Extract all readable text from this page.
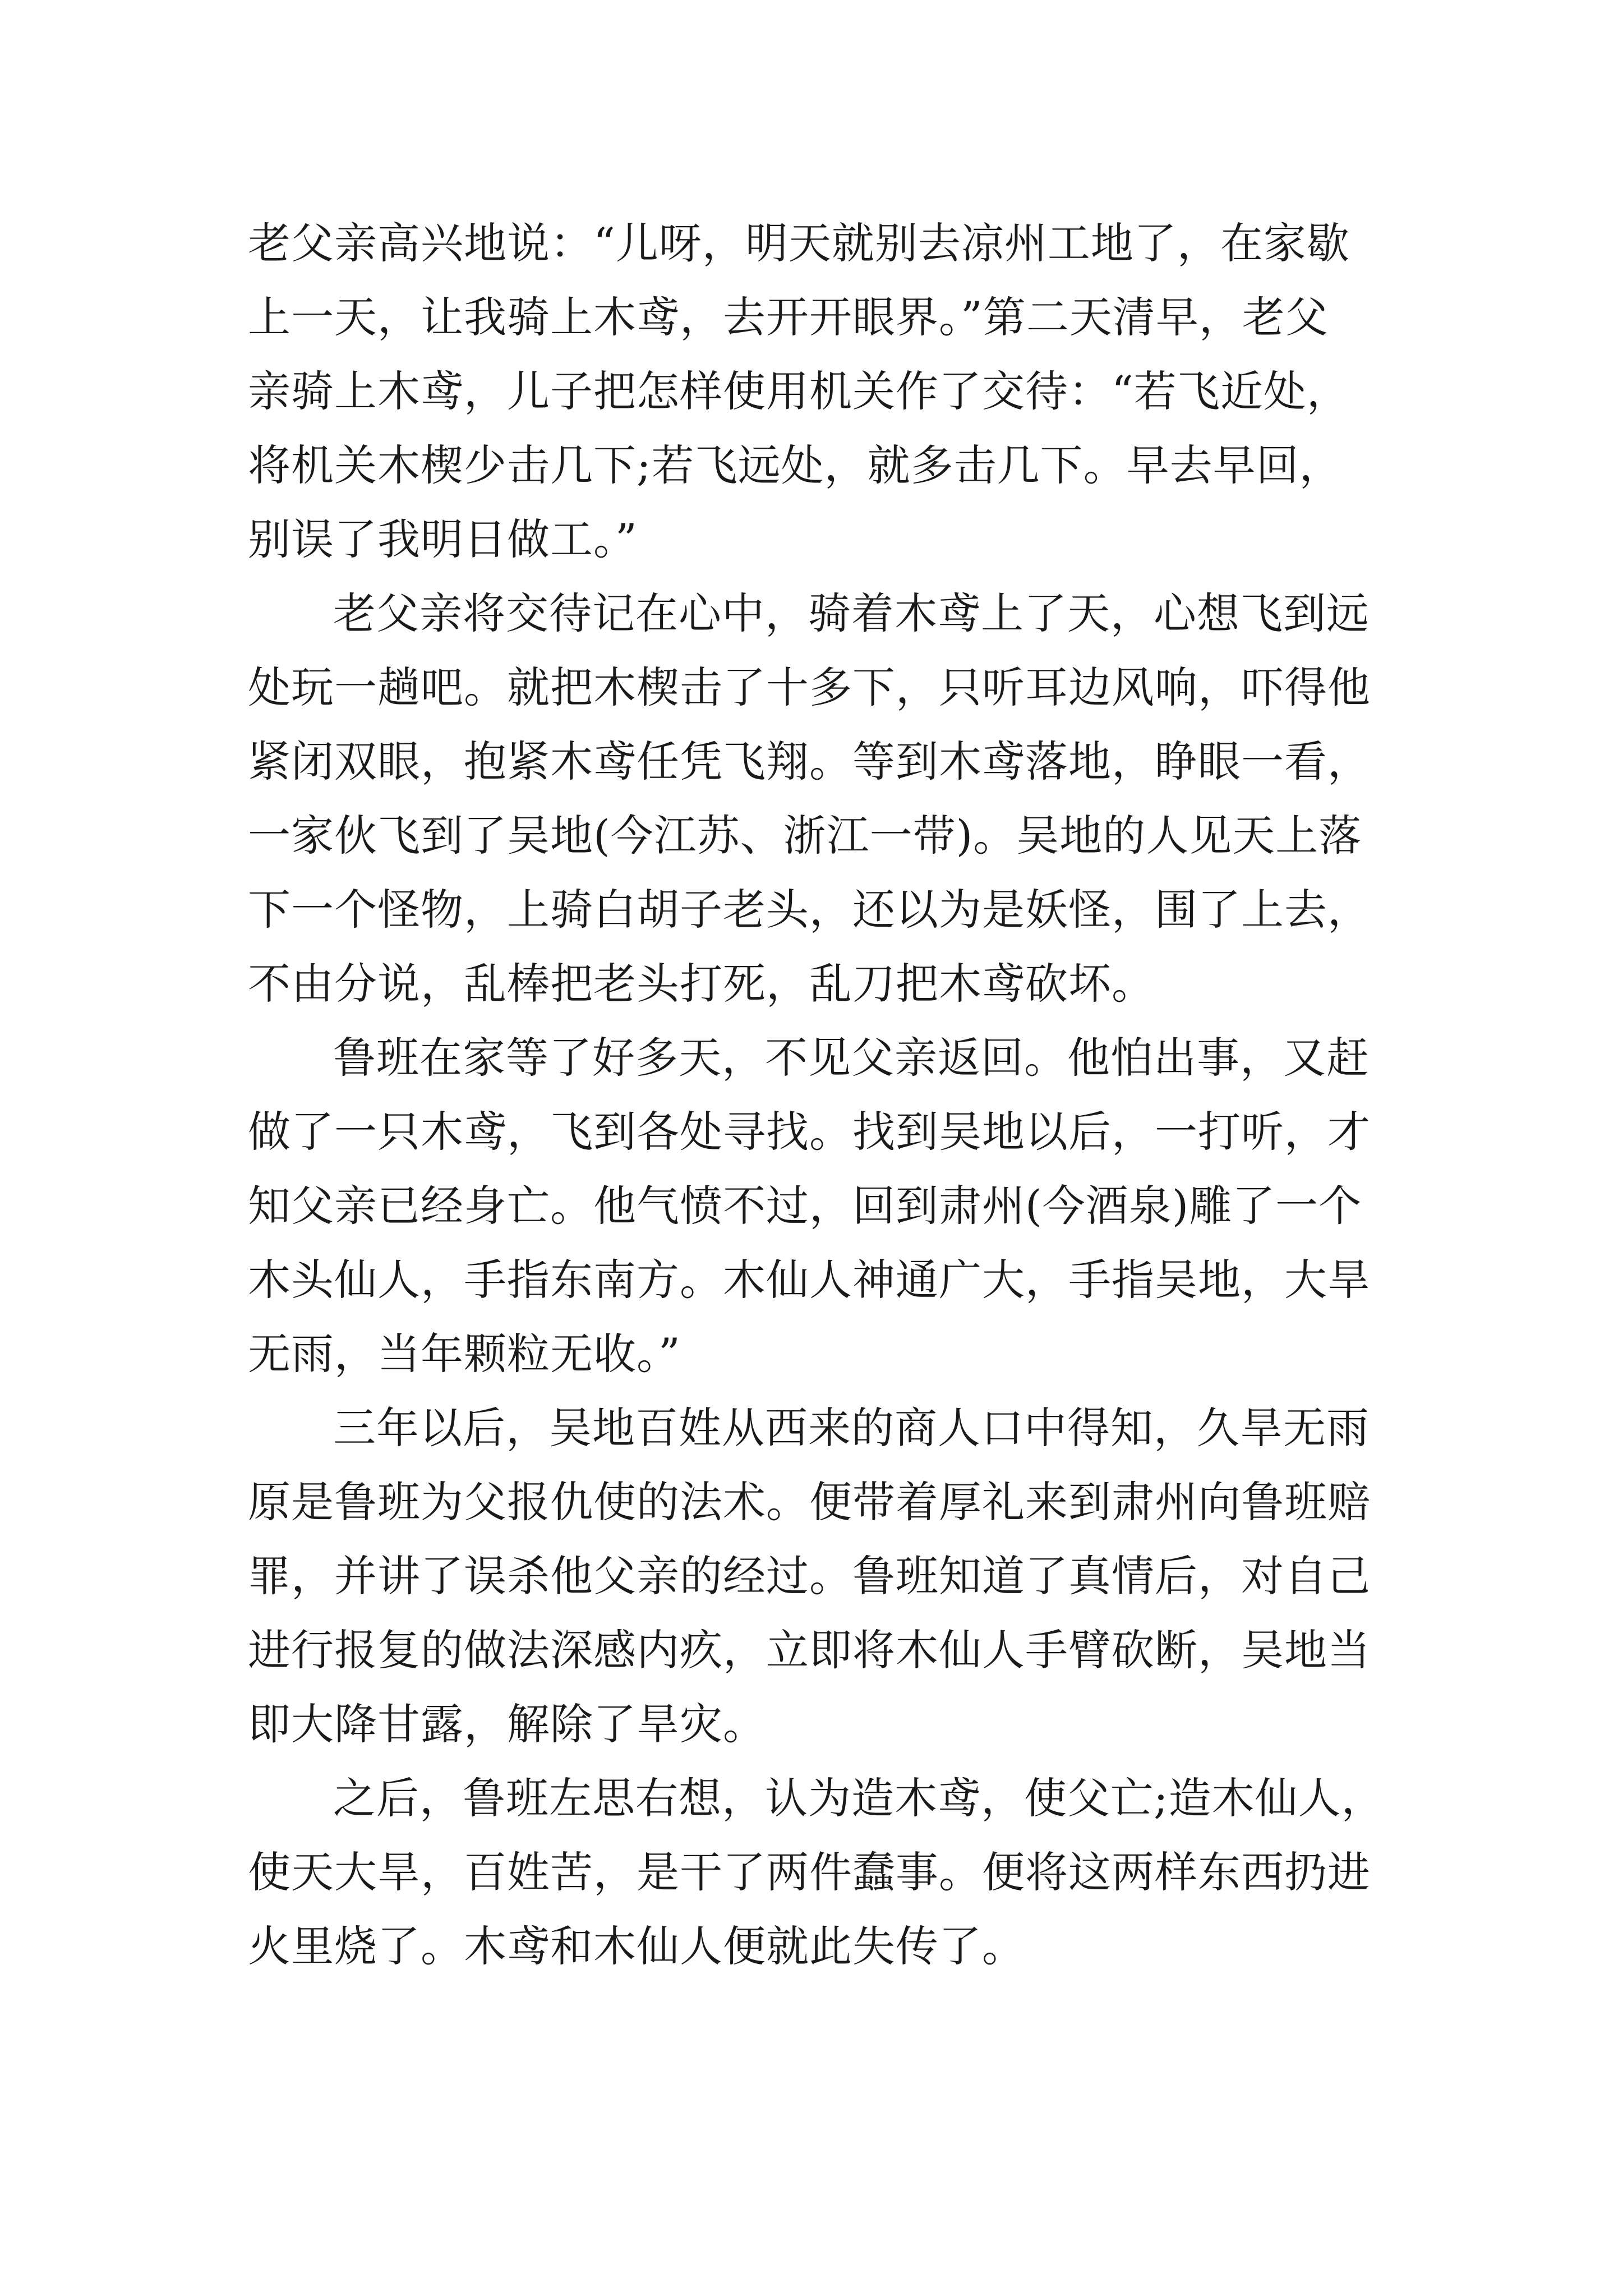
老父亲高兴地说：“儿呀，明天就别去凉州工地了，在家歇
上一天，让我骑上木鸢，去开开眼界。”第二天清早，老父
亲骑上木鸢，儿子把怎样使用机关作了交待：“若飞近处，
将机关木楔少击几下;若飞远处，就多击几下。早去早回，
别误了我明日做工。”
老父亲将交待记在心中，骑着木鸢上了天，心想飞到远
处玩一趟吧。就把木楔击了十多下，只听耳边风响，吓得他
紧闭双眼，抱紧木鸢任凭飞翔。等到木鸢落地，睁眼一看，
一家伙飞到了吴地(今江苏、浙江一带)。吴地的人见天上落
下一个怪物，上骑白胡子老头，还以为是妖怪，围了上去，
不由分说，乱棒把老头打死，乱刀把木鸢砍坏。
鲁班在家等了好多天，不见父亲返回。他怕出事，又赶
做了一只木鸢，飞到各处寻找。找到吴地以后，一打听，才
知父亲已经身亡。他气愤不过，回到肃州(今酒泉)雕了一个
木头仙人，手指东南方。木仙人神通广大，手指吴地，大旱
无雨，当年颗粒无收。”
三年以后，吴地百姓从西来的商人口中得知，久旱无雨
原是鲁班为父报仇使的法术。便带着厚礼来到肃州向鲁班赔
罪，并讲了误杀他父亲的经过。鲁班知道了真情后，对自己
进行报复的做法深感内疚，立即将木仙人手臂砍断，吴地当
即大降甘露，解除了旱灾。
之后，鲁班左思右想，认为造木鸢，使父亡;造木仙人，
使天大旱，百姓苦，是干了两件蠢事。便将这两样东西扔进
火里烧了。木鸢和木仙人便就此失传了。
